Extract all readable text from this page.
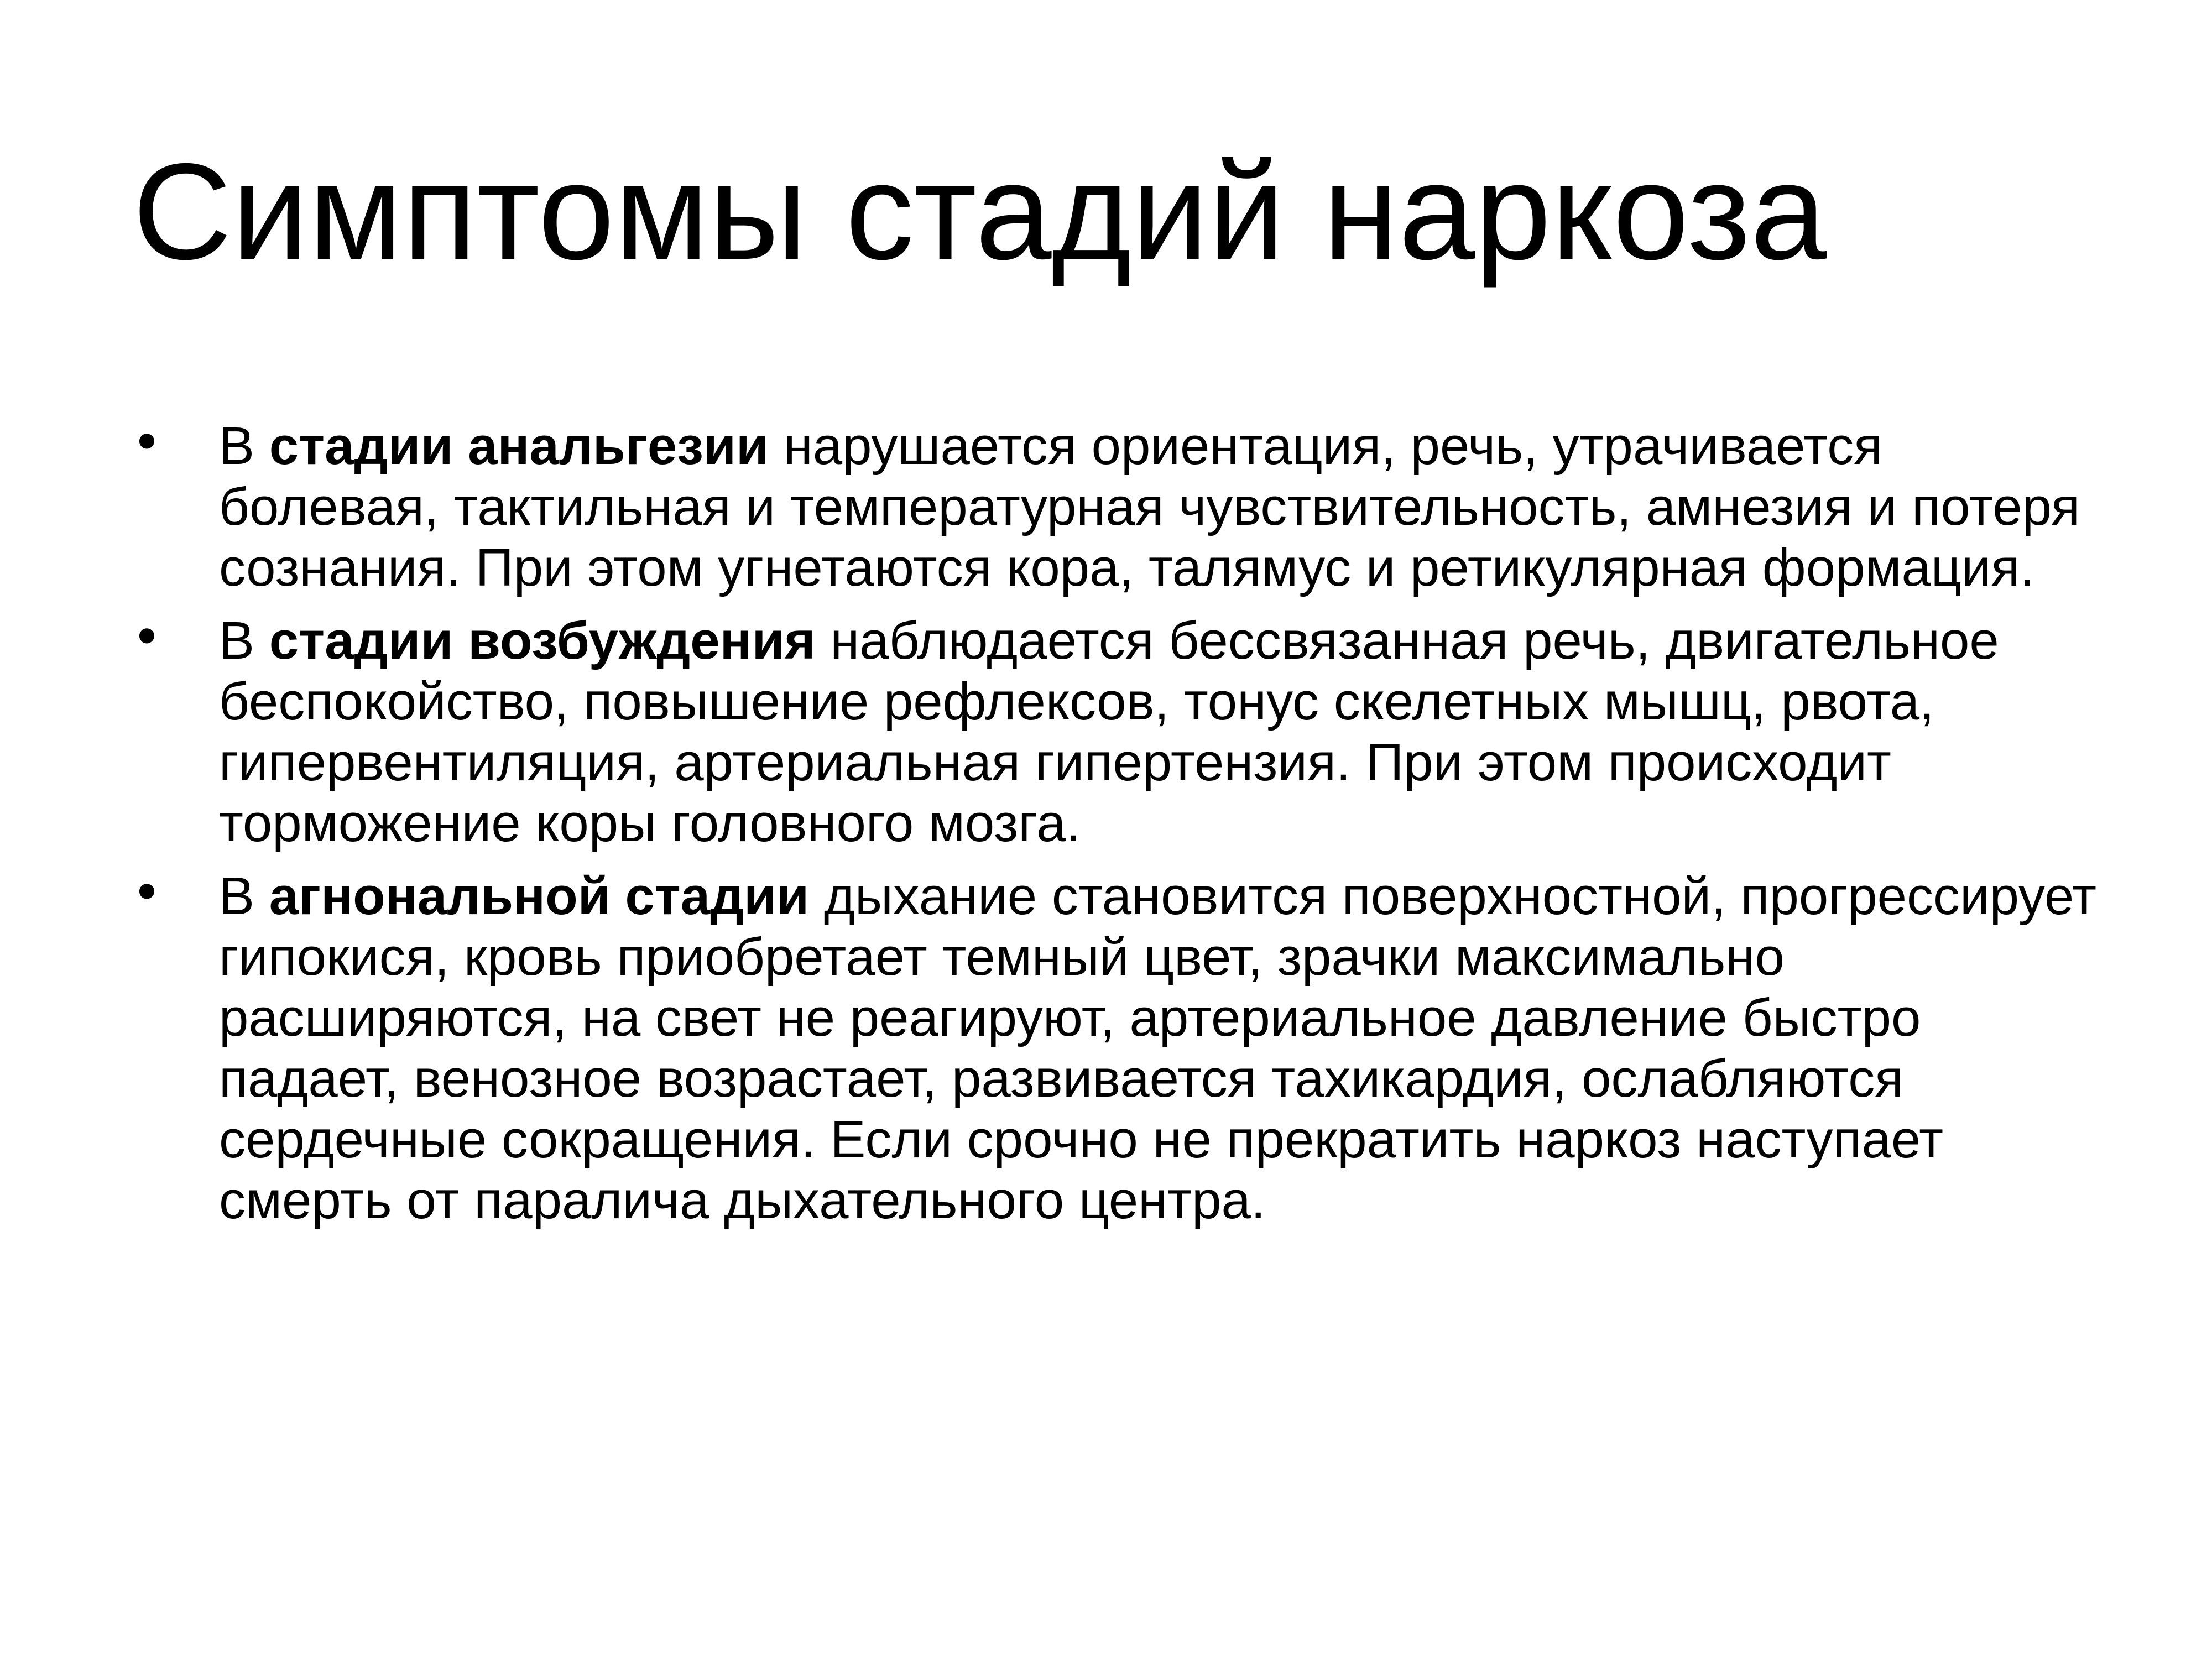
Симптомы стадий наркоза
• В стадии анальгезии нарушается ориентация, речь, утрачивается болевая, тактильная и температурная чувствительность, амнезия и потеря сознания. При этом угнетаются кора, талямус и ретикулярная формация.
• В стадии возбуждения наблюдается бессвязанная речь, двигательное беспокойство, повышение рефлексов, тонус скелетных мышц, рвота, гипервентиляция, артериальная гипертензия. При этом происходит торможение коры головного мозга.
• В агнональной стадии дыхание становится поверхностной, прогрессирует гипокися, кровь приобретает темный цвет, зрачки максимально расширяются, на свет не реагируют, артериальное давление быстро падает, венозное возрастает, развивается тахикардия, ослабляются сердечные сокращения. Если срочно не прекратить наркоз наступает смерть от паралича дыхательного центра.
